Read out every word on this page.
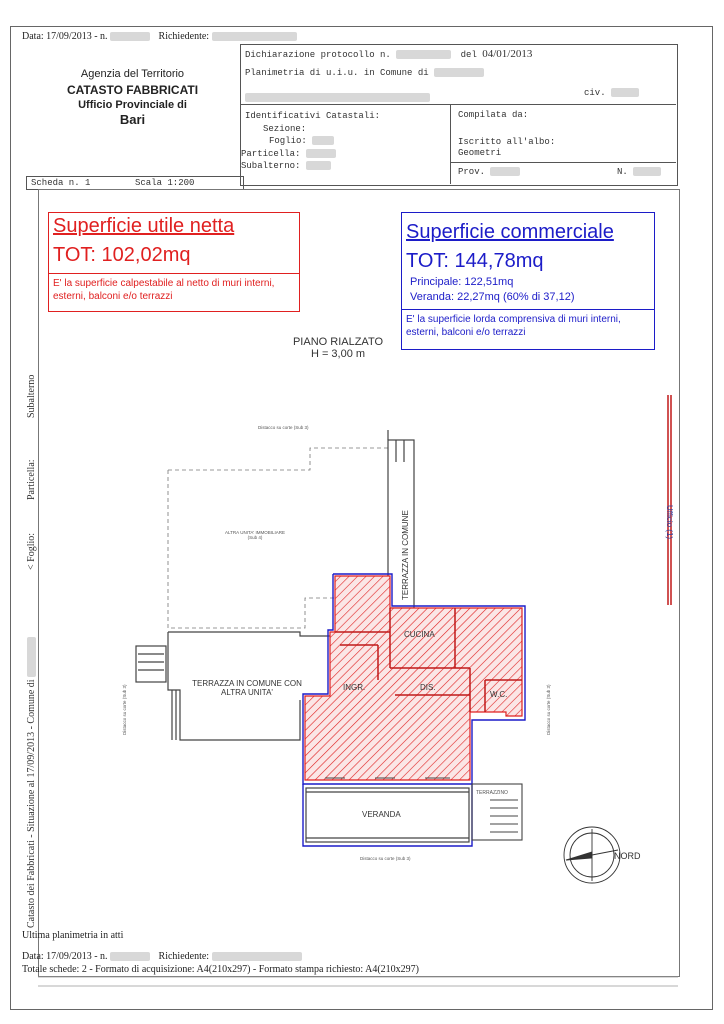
Data: 17/09/2013 - n.	Richiedente:
Agenzia del Territorio
CATASTO FABBRICATI
Ufficio Provinciale di
Bari
Dichiarazione protocollo n.	del 04/01/2013
Planimetria di u.i.u. in Comune di
civ.
Identificativi Catastali:
Sezione:
Foglio:
Particella:
Subalterno:
Compilata da:
Iscritto all'albo:
Geometri
Prov.	N.
Scheda n. 1	Scala 1:200
Superficie utile netta
TOT: 102,02mq
E' la superficie calpestabile al netto di muri interni, esterni, balconi e/o terrazzi
Superficie commerciale
TOT: 144,78mq
Principale: 122,51mq
Veranda: 22,27mq (60% di 37,12)
E' la superficie lorda comprensiva di muri interni, esterni, balconi e/o terrazzi
PIANO RIALZATO
H = 3,00 m
TERRAZZA IN COMUNE
TERRAZZA IN COMUNE CON ALTRA UNITA'
CUCINA
INGR.	DIS.
W.C.
VERANDA
TERRAZZINO
ALTRA UNITA' IMMOBILIARE
(Sub 4)
Distacco su corte (Sub 3)
Distacco su corte (Sub 3)
Distacco su corte (Sub 3)	Distacco su corte (Sub 3)
NORD
Ufficio (1)
Catasto dei Fabbricati - Situazione al 17/09/2013 - Comune di
< Foglio:
Particella:
Subalterno
Ultima planimetria in atti
Data: 17/09/2013 - n.	Richiedente:
Totale schede: 2 - Formato di acquisizione: A4(210x297) - Formato stampa richiesto: A4(210x297)
